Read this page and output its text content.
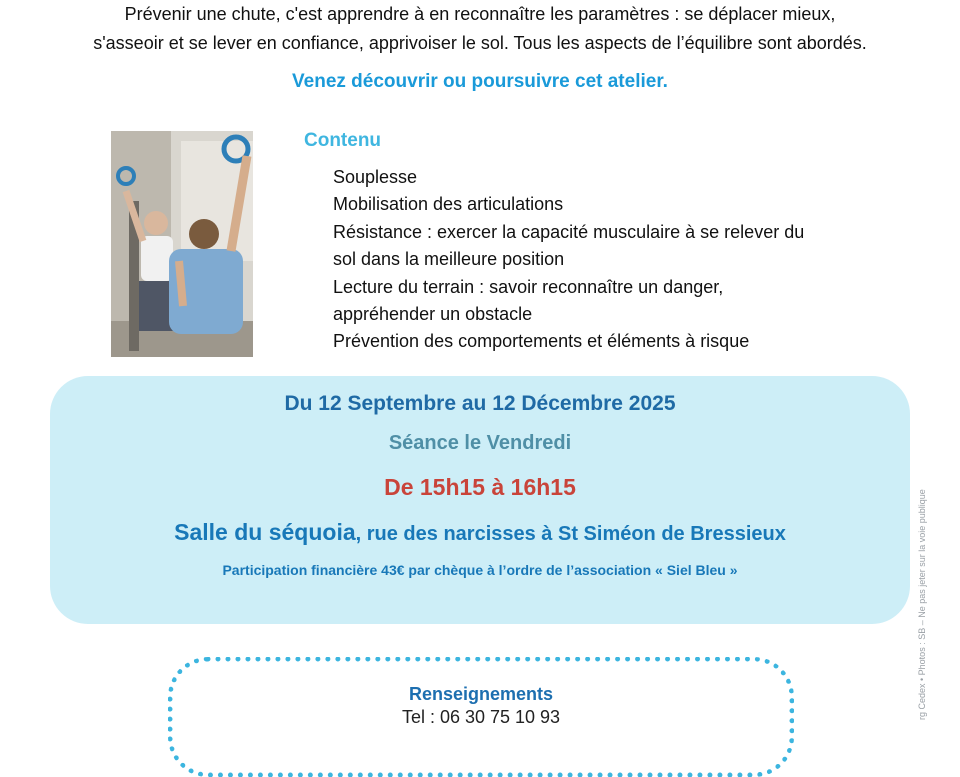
Prévenir une chute, c'est apprendre à en reconnaître les paramètres : se déplacer mieux,

s'asseoir et se lever en confiance, apprivoiser le sol. Tous les aspects de l’équilibre sont abordés.

Venez découvrir ou poursuivre cet atelier.
Contenu
Souplesse
Mobilisation des articulations
Résistance : exercer la capacité musculaire à se relever du
sol dans la meilleure position
Lecture du terrain : savoir reconnaître un danger,
appréhender un obstacle
Prévention des comportements et éléments à risque
Du 12 Septembre au 12 Décembre 2025
Séance le Vendredi
De 15h15 à 16h15
Salle du séquoia, rue des narcisses à St Siméon de Bressieux
Participation financière 43€ par chèque à l’ordre de l’association « Siel Bleu »
Renseignements
Tel : 06 30 75 10 93	rg Cedex • Photos : SB – Ne pas jeter sur la voie publique
